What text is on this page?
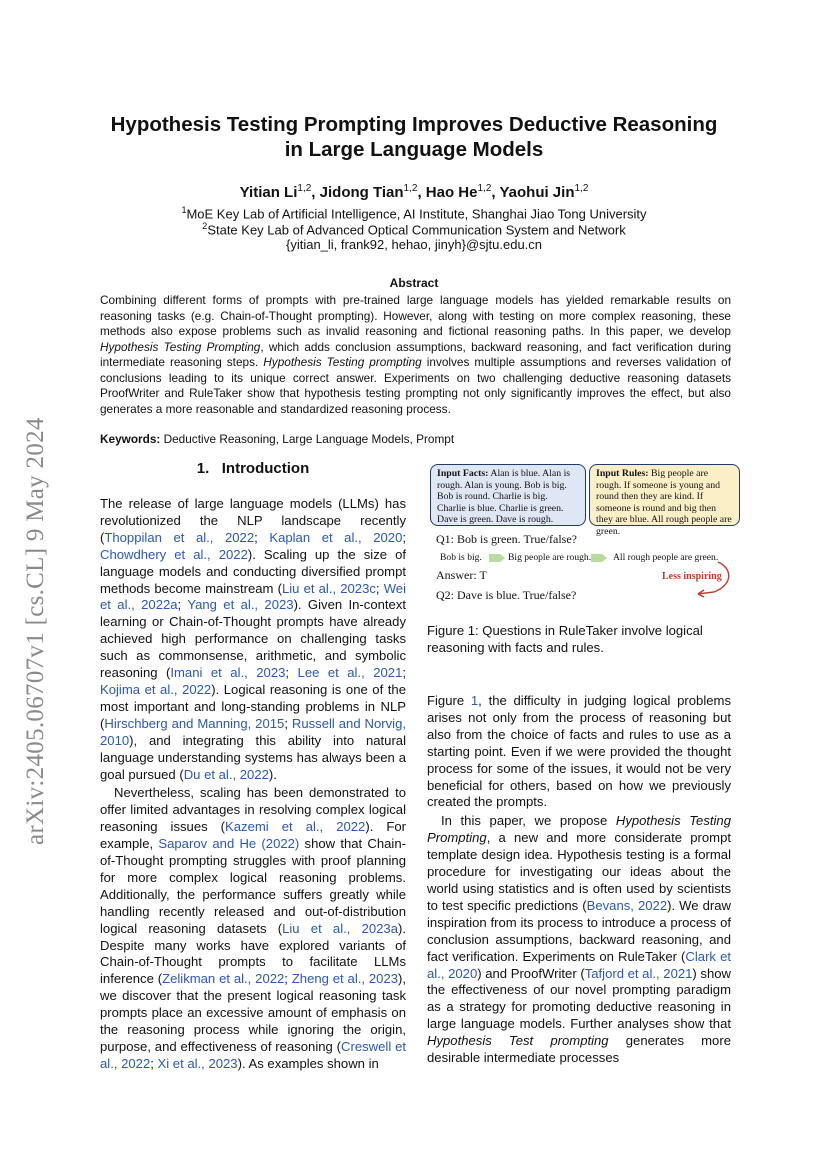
arXiv:2405.06707v1 [cs.CL] 9 May 2024
Hypothesis Testing Prompting Improves Deductive Reasoning in Large Language Models
Yitian Li$^{1,2}$, Jidong Tian$^{1,2}$, Hao He$^{1,2}$, Yaohui Jin$^{1,2}$
$^1$MoE Key Lab of Artificial Intelligence, AI Institute, Shanghai Jiao Tong University
$^2$State Key Lab of Advanced Optical Communication System and Network
{yitian_li, frank92, hehao, jinyh}@sjtu.edu.cn
Abstract
Combining different forms of prompts with pre-trained large language models has yielded remarkable results on reasoning tasks (e.g. Chain-of-Thought prompting). However, along with testing on more complex reasoning, these methods also expose problems such as invalid reasoning and fictional reasoning paths. In this paper, we develop Hypothesis Testing Prompting, which adds conclusion assumptions, backward reasoning, and fact verification during intermediate reasoning steps. Hypothesis Testing prompting involves multiple assumptions and reverses validation of conclusions leading to its unique correct answer. Experiments on two challenging deductive reasoning datasets ProofWriter and RuleTaker show that hypothesis testing prompting not only significantly improves the effect, but also generates a more reasonable and standardized reasoning process.
Keywords: Deductive Reasoning, Large Language Models, Prompt
1. Introduction

The release of large language models (LLMs) has revolutionized the NLP landscape recently (Thoppilan et al., 2022; Kaplan et al., 2020; Chowdhery et al., 2022). Scaling up the size of language models and conducting diversified prompt methods become mainstream (Liu et al., 2023c; Wei et al., 2022a; Yang et al., 2023). Given In-context learning or Chain-of-Thought prompts have already achieved high performance on challenging tasks such as commonsense, arithmetic, and symbolic reasoning (Imani et al., 2023; Lee et al., 2021; Kojima et al., 2022). Logical reasoning is one of the most important and long-standing problems in NLP (Hirschberg and Manning, 2015; Russell and Norvig, 2010), and integrating this ability into natural language understanding systems has always been a goal pursued (Du et al., 2022).

Nevertheless, scaling has been demonstrated to offer limited advantages in resolving complex logical reasoning issues (Kazemi et al., 2022). For example, Saparov and He (2022) show that Chain-of-Thought prompting struggles with proof planning for more complex logical reasoning problems. Additionally, the performance suffers greatly while handling recently released and out-of-distribution logical reasoning datasets (Liu et al., 2023a). Despite many works have explored variants of Chain-of-Thought prompts to facilitate LLMs inference (Zelikman et al., 2022; Zheng et al., 2023), we discover that the present logical reasoning task prompts place an excessive amount of emphasis on the reasoning process while ignoring the origin, purpose, and effectiveness of reasoning (Creswell et al., 2022; Xi et al., 2023). As examples shown in

Input Facts: Alan is blue. Alan is rough. Alan is young. Bob is big. Bob is round. Charlie is big. Charlie is blue. Charlie is green. Dave is green. Dave is rough.
Input Rules: Big people are rough. If someone is young and round then they are kind. If someone is round and big then they are blue. All rough people are green.
Q1: Bob is green. True/false?
Bob is big.	Big people are rough. All rough people are green.
Answer: T	Less inspiring
Q2: Dave is blue. True/false?
Figure 1: Questions in RuleTaker involve logical reasoning with facts and rules.

Figure 1, the difficulty in judging logical problems arises not only from the process of reasoning but also from the choice of facts and rules to use as a starting point. Even if we were provided the thought process for some of the issues, it would not be very beneficial for others, based on how we previously created the prompts.

In this paper, we propose Hypothesis Testing Prompting, a new and more considerate prompt template design idea. Hypothesis testing is a formal procedure for investigating our ideas about the world using statistics and is often used by scientists to test specific predictions (Bevans, 2022). We draw inspiration from its process to introduce a process of conclusion assumptions, backward reasoning, and fact verification. Experiments on RuleTaker (Clark et al., 2020) and ProofWriter (Tafjord et al., 2021) show the effectiveness of our novel prompting paradigm as a strategy for promoting deductive reasoning in large language models. Further analyses show that Hypothesis Test prompting generates more desirable intermediate processes
